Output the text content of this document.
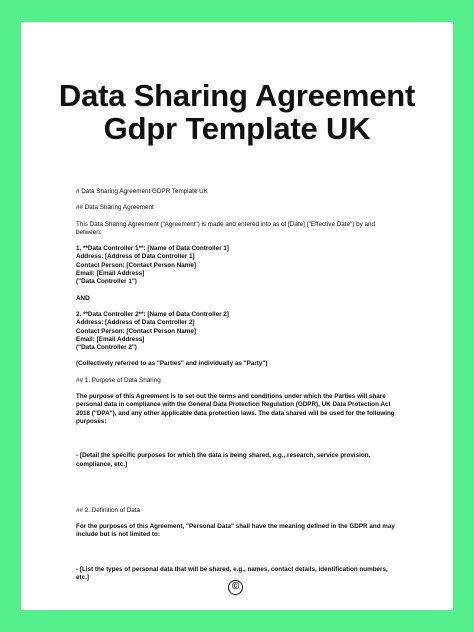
Data Sharing Agreement
Gdpr Template UK
# Data Sharing Agreement GDPR Template UK
## Data Sharing Agreement
This Data Sharing Agreement ("Agreement") is made and entered into as of [Date] ("Effective Date") by and
between:
1. **Data Controller 1**: [Name of Data Controller 1]
Address: [Address of Data Controller 1]
Contact Person: [Contact Person Name]
Email: [Email Address]
("Data Controller 1")
AND
2. **Data Controller 2**: [Name of Data Controller 2]
Address: [Address of Data Controller 2]
Contact Person: [Contact Person Name]
Email: [Email Address]
("Data Controller 2")
(Collectively referred to as "Parties" and individually as "Party")
## 1. Purpose of Data Sharing
The purpose of this Agreement is to set out the terms and conditions under which the Parties will share
personal data in compliance with the General Data Protection Regulation (GDPR), UK Data Protection Act
2018 ("DPA"), and any other applicable data protection laws. The data shared will be used for the following
purposes:
- [Detail the specific purposes for which the data is being shared, e.g., research, service provision,
compliance, etc.]
## 2. Definition of Data
For the purposes of this Agreement, "Personal Data" shall have the meaning defined in the GDPR and may
include but is not limited to:
- [List the types of personal data that will be shared, e.g., names, contact details, identification numbers,
etc.]
©
